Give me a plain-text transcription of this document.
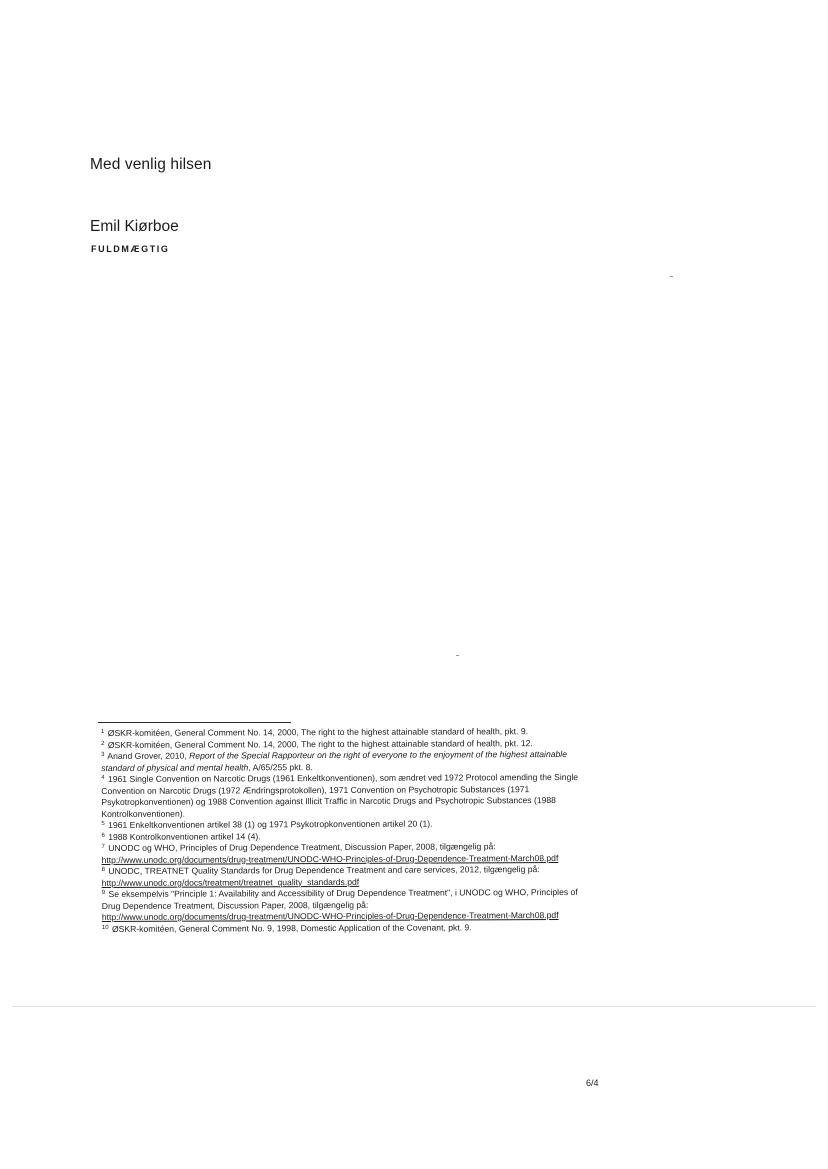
Med venlig hilsen
Emil Kiørboe
FULDMÆGTIG

$^1$ ØSKR-komitéen, General Comment No. 14, 2000, The right to the highest attainable standard of health, pkt. 9.

$^2$ ØSKR-komitéen, General Comment No. 14, 2000, The right to the highest attainable standard of health, pkt. 12.

$^3$ Anand Grover, 2010, Report of the Special Rapporteur on the right of everyone to the enjoyment of the highest attainable standard of physical and mental health, A/65/255 pkt. 8.

$^4$ 1961 Single Convention on Narcotic Drugs (1961 Enkeltkonventionen), som ændret ved 1972 Protocol amending the Single Convention on Narcotic Drugs (1972 Ændringsprotokollen), 1971 Convention on Psychotropic Substances (1971 Psykotropkonventionen) og 1988 Convention against Illicit Traffic in Narcotic Drugs and Psychotropic Substances (1988 Kontrolkonventionen).

$^5$ 1961 Enkeltkonventionen artikel 38 (1) og 1971 Psykotropkonventionen artikel 20 (1).

$^6$ 1988 Kontrolkonventionen artikel 14 (4).

$^7$ UNODC og WHO, Principles of Drug Dependence Treatment, Discussion Paper, 2008, tilgængelig på:
http://www.unodc.org/documents/drug-treatment/UNODC-WHO-Principles-of-Drug-Dependence-Treatment-March08.pdf

$^8$ UNODC, TREATNET Quality Standards for Drug Dependence Treatment and care services, 2012, tilgængelig på: http://www.unodc.org/docs/treatment/treatnet_quality_standards.pdf

$^9$ Se eksempelvis "Principle 1: Availability and Accessibility of Drug Dependence Treatment", i UNODC og WHO, Principles of Drug Dependence Treatment, Discussion Paper, 2008, tilgængelig på:
http://www.unodc.org/documents/drug-treatment/UNODC-WHO-Principles-of-Drug-Dependence-Treatment-March08.pdf

$^{10}$ ØSKR-komitéen, General Comment No. 9, 1998, Domestic Application of the Covenant, pkt. 9.

6/4
